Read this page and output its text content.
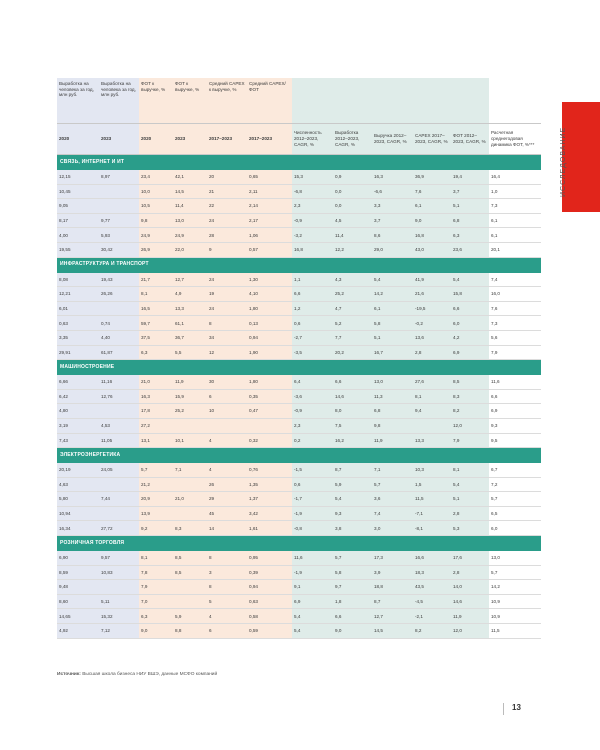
ИССЛЕДОВАНИЕ
Выработка на человека за год, млн руб.	Выработка на человека за год, млн руб.	ФОТ к выручке, %	ФОТ к выручке, %	Средний CAPEX к выручке, %	Средний CAPEX/ФОТ						
2020	2023	2020	2023	2017–2023	2017–2023	Численность 2012–2023, CAGR, %	Выработка 2012–2023, CAGR, %	Выручка 2012–2023, CAGR, %	CAPEX 2017–2023, CAGR, %	ФОТ 2012–2023, CAGR, %	Расчетная среднегодовая динамика ФОТ, %***
СВЯЗЬ, ИНТЕРНЕТ И ИТ											
12,15	8,97	23,4	42,1	20	0,65	15,3	0,9	16,3	36,9	19,4	16,4
10,45		10,0	14,5	21	2,11	-6,8	0,0	-6,6	7,6	3,7	1,0
9,05		10,5	11,4	22	2,14	2,3	0,0	3,3	6,1	5,1	7,3
8,17	9,77	9,8	13,0	24	2,17	-0,9	4,5	3,7	9,0	6,8	6,1
4,00	5,93	24,9	24,9	28	1,06	-3,2	11,4	8,6	16,8	6,3	6,1
19,55	30,42	26,9	22,0	9	0,57	16,8	12,2	29,0	43,0	23,6	20,1
ИНФРАСТРУКТУРА И ТРАНСПОРТ											
8,08	19,43	21,7	12,7	24	1,30	1,1	4,3	5,4	41,9	5,4	7,4
12,21	26,26	8,1	4,9	19	4,10	6,6	25,2	14,2	21,6	15,8	16,0
6,01		16,5	13,3	24	1,80	1,2	4,7	6,1	-19,5	6,6	7,6
0,63	0,74	59,7	61,1	8	0,13	0,6	5,2	5,8	-0,2	6,0	7,3
3,35	4,40	37,5	36,7	34	0,94	-2,7	7,7	5,1	13,6	4,2	5,6
29,91	61,87	6,3	5,5	12	1,90	-3,5	20,2	16,7	2,8	6,9	7,9
МАШИНОСТРОЕНИЕ											
6,66	11,16	21,0	11,9	30	1,80	6,4	6,6	13,0	27,6	8,5	11,6
6,42	12,76	16,3	15,9	6	0,35	-3,6	14,6	11,3	8,1	8,3	6,6
4,80		17,8	25,2	10	0,47	-0,9	8,0	6,8	9,4	8,2	6,9
3,19	4,53	27,2				2,3	7,5	9,8		12,0	9,3
7,43	11,05	13,1	10,1	4	0,32	0,2	16,2	11,9	13,3	7,9	9,5
ЭЛЕКТРОЭНЕРГЕТИКА											
20,19	24,05	5,7	7,1	4	0,76	-1,5	8,7	7,1	10,3	8,1	6,7
4,63		21,2		26	1,35	0,6	5,9	5,7	1,5	5,4	7,2
5,80	7,44	20,9	21,0	29	1,37	-1,7	5,4	3,6	11,5	5,1	5,7
10,94		13,9		45	3,42	-1,9	9,3	7,4	-7,1	2,8	6,5
16,34	27,72	9,2	8,3	14	1,61	-0,8	3,8	3,0	-8,1	5,3	6,0
РОЗНИЧНАЯ ТОРГОВЛЯ											
6,90	9,57	8,1	8,5	8	0,95	11,6	5,7	17,3	16,6	17,6	13,0
8,59	10,83	7,8	8,5	3	0,39	-1,9	5,8	3,9	18,3	2,8	5,7
9,48		7,9		8	0,94	9,1	9,7	18,8	43,5	14,0	14,2
8,60	5,11	7,0		5	0,63	6,9	1,8	8,7	-4,5	14,6	10,9
14,65	15,32	6,3	5,9	4	0,58	5,4	6,6	12,7	-2,1	11,9	10,9
4,92	7,12	9,0	8,8	6	0,59	5,4	9,0	14,5	8,2	12,0	11,5
Источник: Высшая школа бизнеса НИУ ВШЭ, данные МСФО компаний
13
